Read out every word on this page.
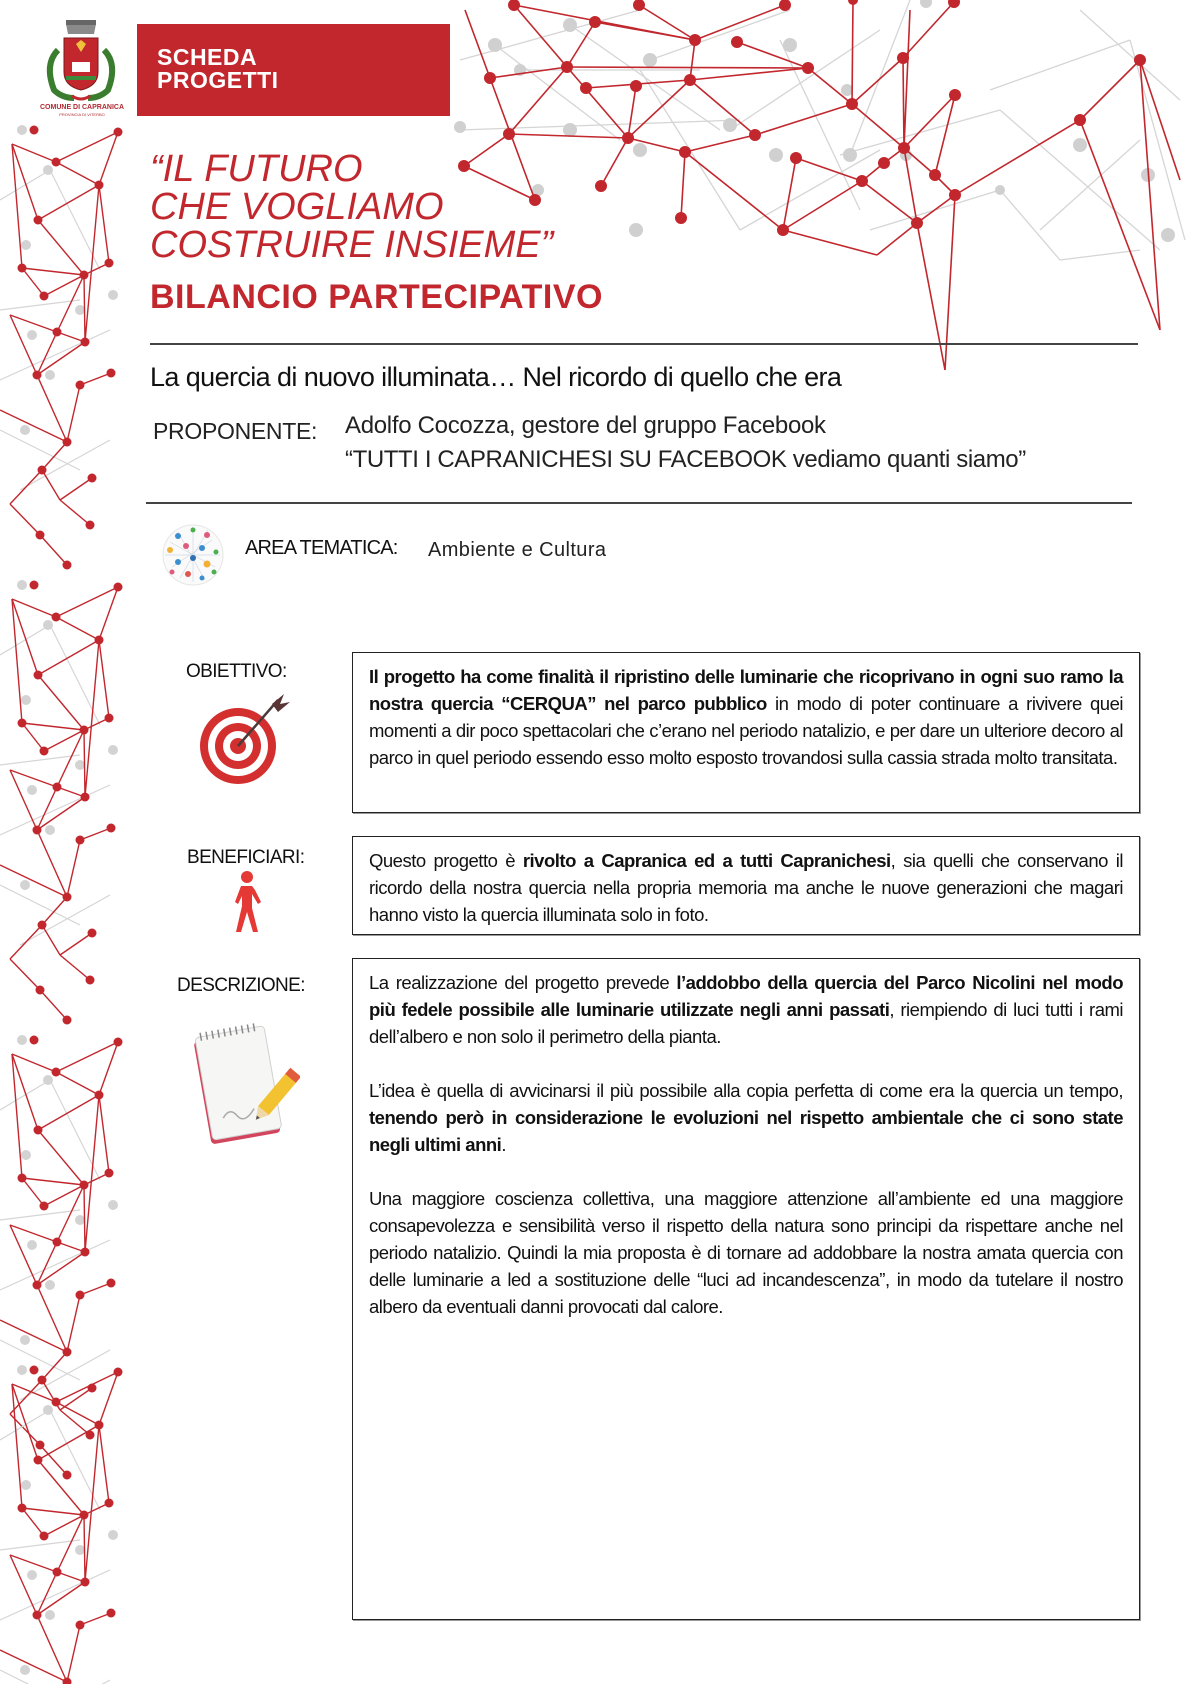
COMUNE DI CAPRANICA
PROVINCIA DI VITERBO
SCHEDA
PROGETTI
“IL FUTURO
CHE VOGLIAMO
COSTRUIRE INSIEME”
BILANCIO PARTECIPATIVO
La quercia di nuovo illuminata… Nel ricordo di quello che era
PROPONENTE: Adolfo Cocozza, gestore del gruppo Facebook
“TUTTI I CAPRANICHESI SU FACEBOOK vediamo quanti siamo”
AREA TEMATICA: Ambiente e Cultura
OBIETTIVO:
BENEFICIARI:
DESCRIZIONE:

Il progetto ha come finalità il ripristino delle luminarie che ricoprivano in ogni suo ramo la nostra quercia “CERQUA” nel parco pubblico in modo di poter continuare a rivivere quei momenti a dir poco spettacolari che c’erano nel periodo natalizio, e per dare un ulteriore decoro al parco in quel periodo essendo esso molto esposto trovandosi sulla cassia strada molto transitata.

Questo progetto è rivolto a Capranica ed a tutti Capranichesi, sia quelli che conservano il ricordo della nostra quercia nella propria memoria ma anche le nuove generazioni che magari hanno visto la quercia illuminata solo in foto.

La realizzazione del progetto prevede l’addobbo della quercia del Parco Nicolini nel modo più fedele possibile alle luminarie utilizzate negli anni passati, riempiendo di luci tutti i rami dell’albero e non solo il perimetro della pianta.

L’idea è quella di avvicinarsi il più possibile alla copia perfetta di come era la quercia un tempo, tenendo però in considerazione le evoluzioni nel rispetto ambientale che ci sono state negli ultimi anni.

Una maggiore coscienza collettiva, una maggiore attenzione all’ambiente ed una maggiore consapevolezza e sensibilità verso il rispetto della natura sono principi da rispettare anche nel periodo natalizio. Quindi la mia proposta è di tornare ad addobbare la nostra amata quercia con delle luminarie a led a sostituzione delle “luci ad incandescenza”, in modo da tutelare il nostro albero da eventuali danni provocati dal calore.
